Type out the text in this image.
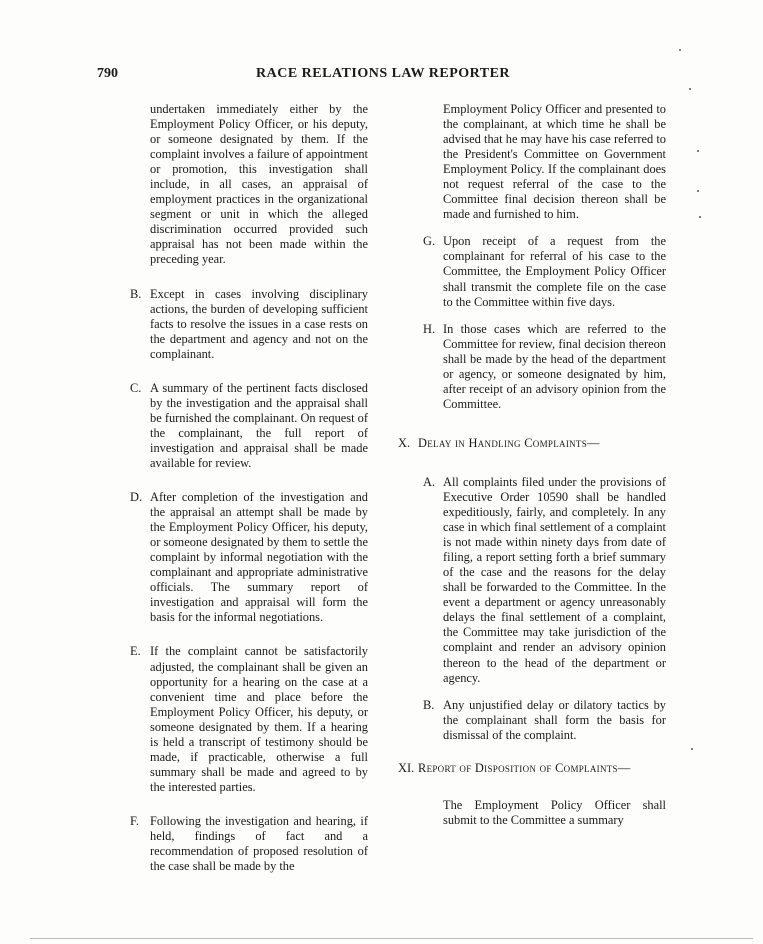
790	RACE RELATIONS LAW REPORTER

undertaken immediately either by the Employment Policy Officer, or his deputy, or someone designated by them. If the complaint involves a failure of appointment or promotion, this investigation shall include, in all cases, an appraisal of employment practices in the organizational segment or unit in which the alleged discrimination occurred provided such appraisal has not been made within the preceding year.

B. Except in cases involving disciplinary actions, the burden of developing sufficient facts to resolve the issues in a case rests on the department and agency and not on the complainant.
C. A summary of the pertinent facts disclosed by the investigation and the appraisal shall be furnished the complainant. On request of the complainant, the full report of investigation and appraisal shall be made available for review.
D. After completion of the investigation and the appraisal an attempt shall be made by the Employment Policy Officer, his deputy, or someone designated by them to settle the complaint by informal negotiation with the complainant and appropriate administrative officials. The summary report of investigation and appraisal will form the basis for the informal negotiations.
E. If the complaint cannot be satisfactorily adjusted, the complainant shall be given an opportunity for a hearing on the case at a convenient time and place before the Employment Policy Officer, his deputy, or someone designated by them. If a hearing is held a transcript of testimony should be made, if practicable, otherwise a full summary shall be made and agreed to by the interested parties.
F. Following the investigation and hearing, if held, findings of fact and a recommendation of proposed resolution of the case shall be made by the

Employment Policy Officer and presented to the complainant, at which time he shall be advised that he may have his case referred to the President's Committee on Government Employment Policy. If the complainant does not request referral of the case to the Committee final decision thereon shall be made and furnished to him.

G. Upon receipt of a request from the complainant for referral of his case to the Committee, the Employment Policy Officer shall transmit the complete file on the case to the Committee within five days.
H. In those cases which are referred to the Committee for review, final decision thereon shall be made by the head of the department or agency, or someone designated by him, after receipt of an advisory opinion from the Committee.
X. Delay in Handling Complaints—
A. All complaints filed under the provisions of Executive Order 10590 shall be handled expeditiously, fairly, and completely. In any case in which final settlement of a complaint is not made within ninety days from date of filing, a report setting forth a brief summary of the case and the reasons for the delay shall be forwarded to the Committee. In the event a department or agency unreasonably delays the final settlement of a complaint, the Committee may take jurisdiction of the complaint and render an advisory opinion thereon to the head of the department or agency.
B. Any unjustified delay or dilatory tactics by the complainant shall form the basis for dismissal of the complaint.
XI. Report of Disposition of Complaints—

The Employment Policy Officer shall submit to the Committee a summary
